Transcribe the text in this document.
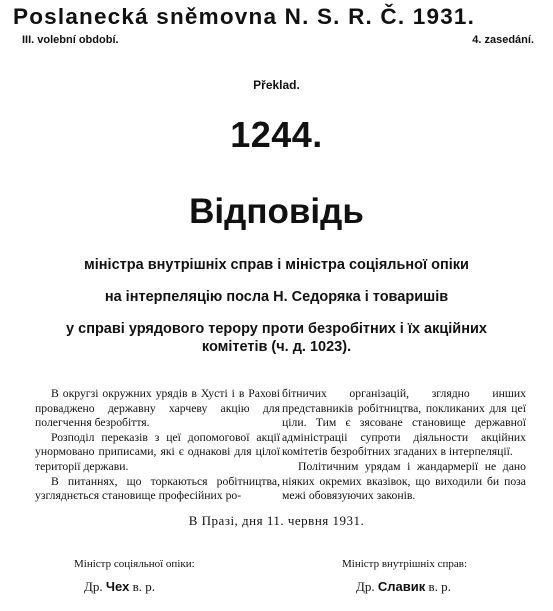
Poslanecká sněmovna N. S. R. Č. 1931.
III. volební období.	4. zasedání.
Překlad.
1244.
Відповідь
міністра внутрішніх справ і міністра соціяльної опіки
на інтерпеляцію посла Н. Седоряка і товаришів
у справі урядового терору проти безробітних і їх акційних комітетів (ч. д. 1023).

В округзі окружних урядів в Хусті і в Рахові проваджено державну харчеву акцію для полегчення безробіття.

Розподіл переказів з цеї допомогової акції унормовано приписами, які є однакові для цілої території держави.

В питаннях, що торкаються робітництва, узгляднється становище професійних ро-

бітничих організацій, зглядно инших представників робітництва, покликаних для цеї ціли. Тим є зясоване становище державної адміністраціі супроти діяльности акційних комітетів безробітних згаданих в інтерпеляції.

Політичним урядам і жандармерії не дано ніяких окремих вказівок, що виходили би поза межі обовязуючих законів.

В Празі, дня 11. червня 1931.
Міністр соціяльної опіки:	Міністр внутрішніх справ:
Др. Чех в. р.	Др. Славик в. р.
